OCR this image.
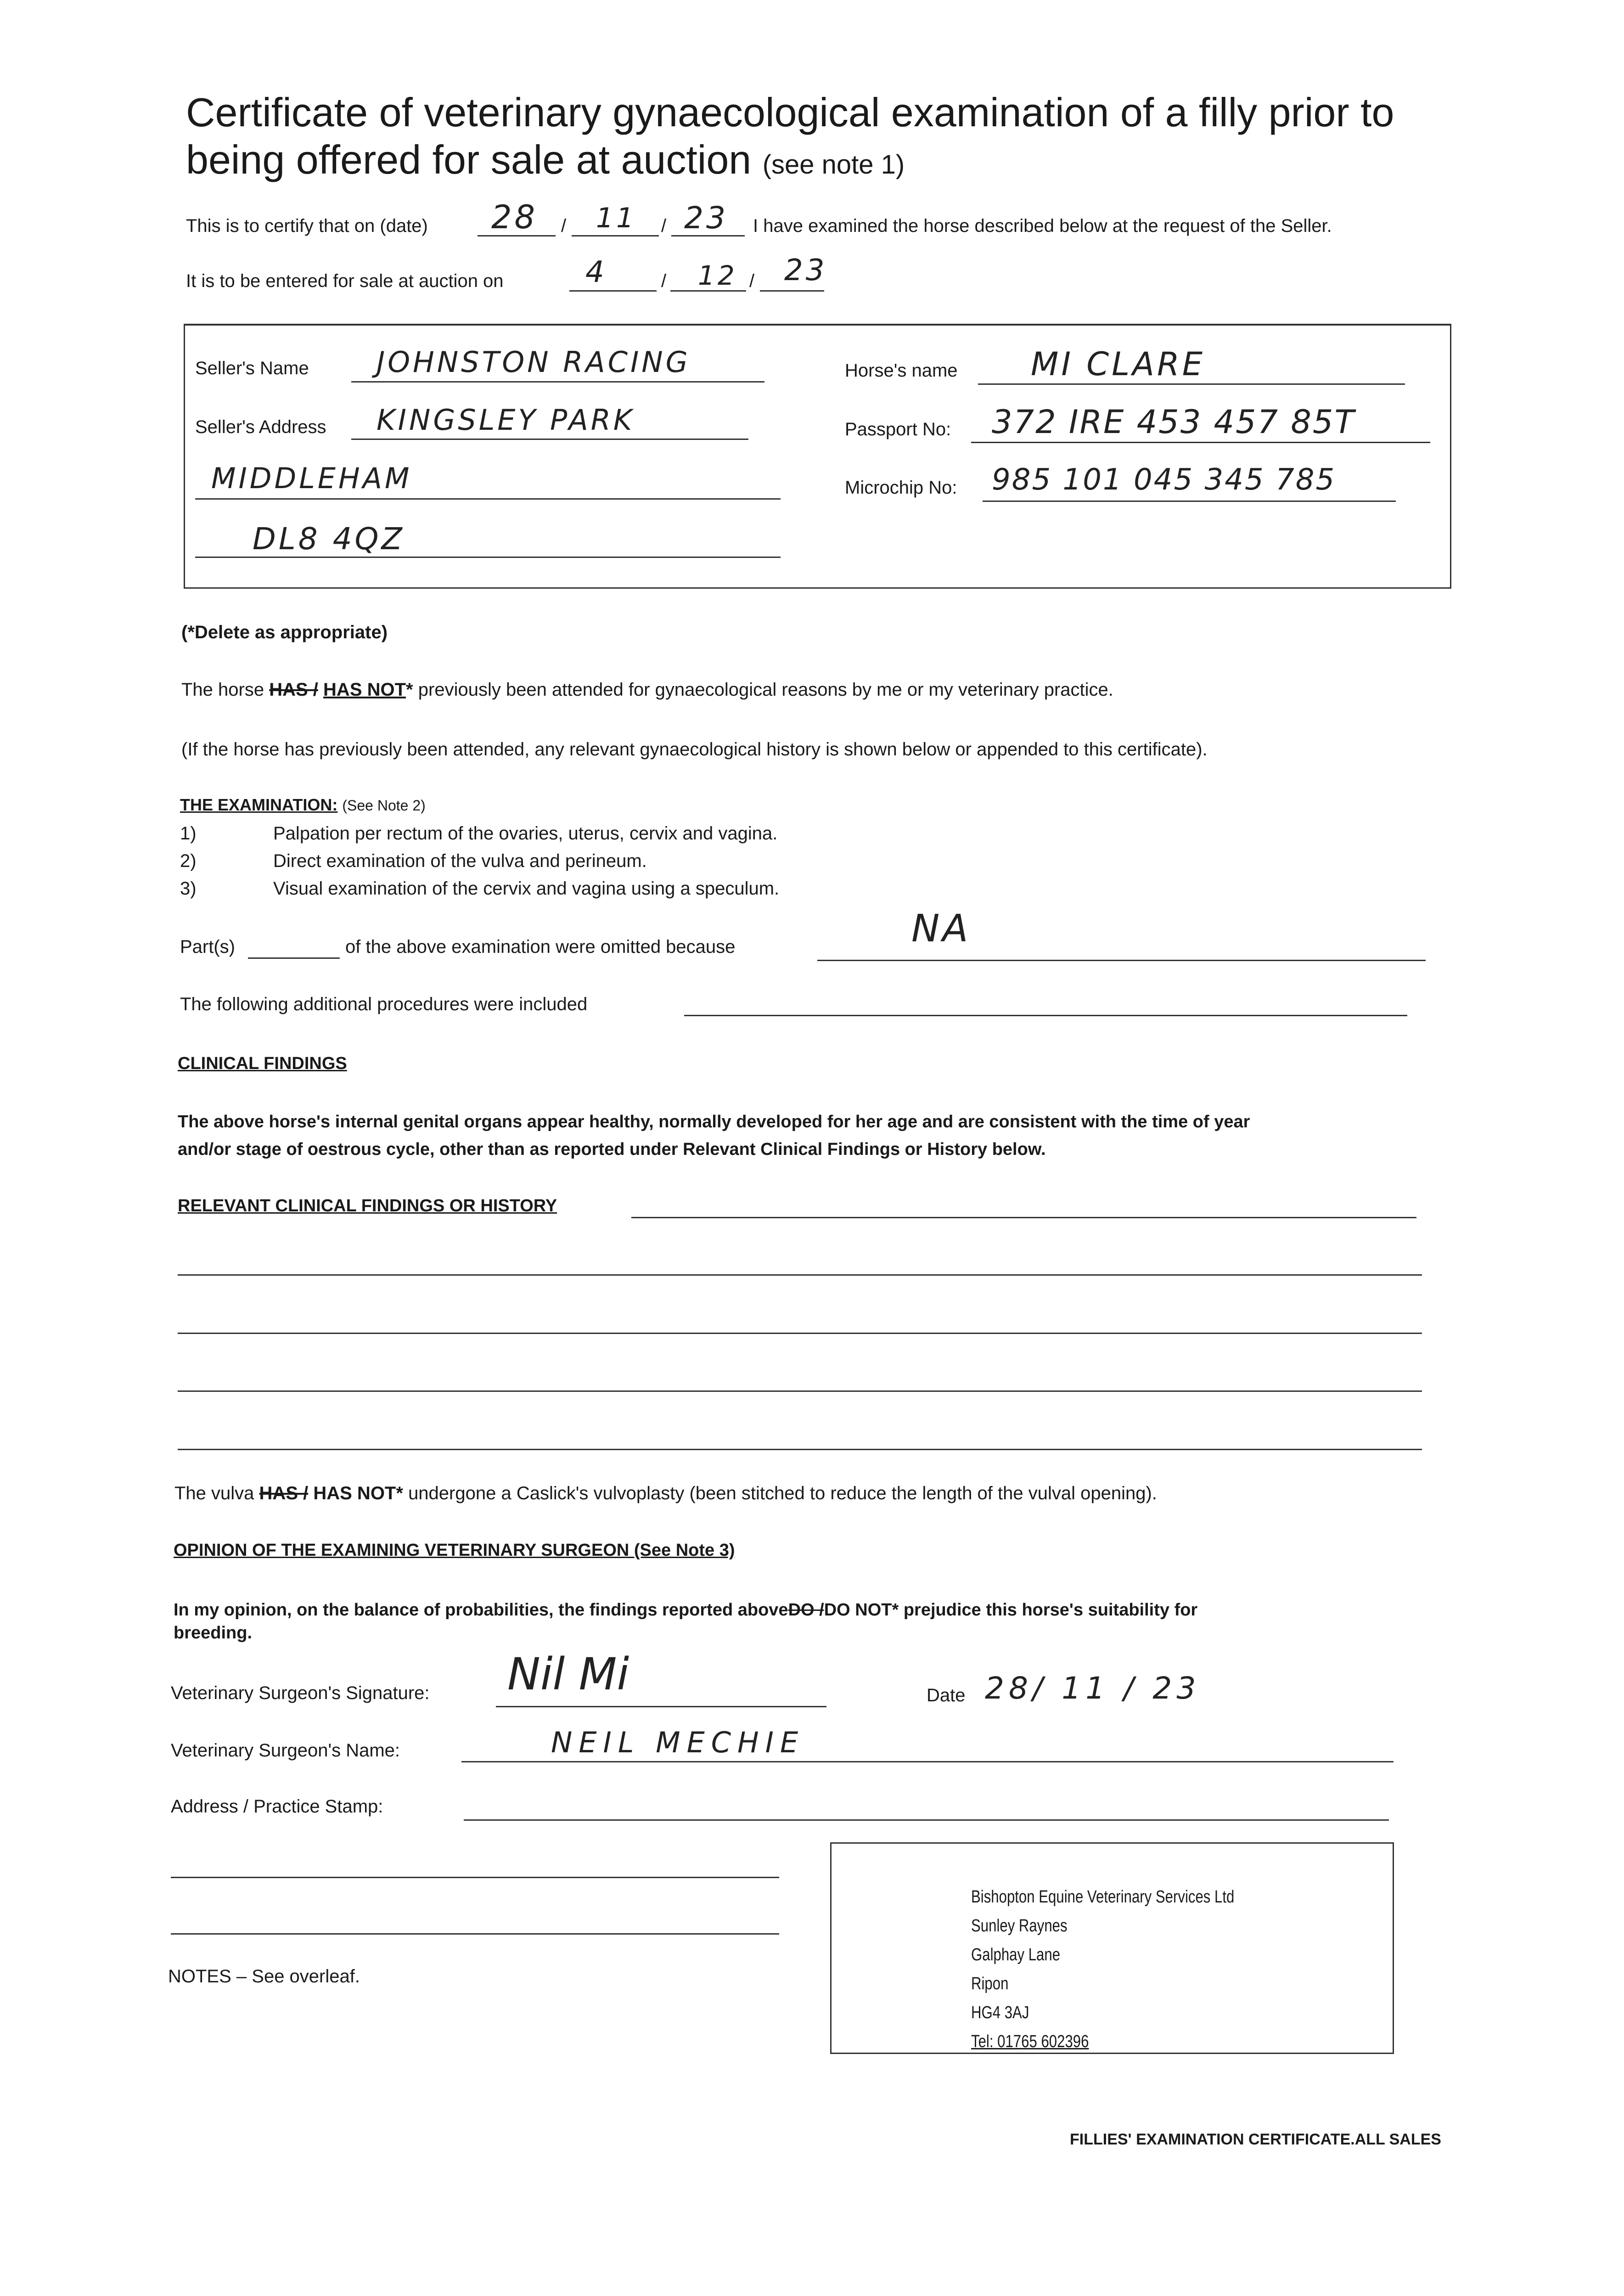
Certificate of veterinary gynaecological examination of a filly prior to
being offered for sale at auction (see note 1)
This is to certify that on (date) 28 / 11 / 23 I have examined the horse described below at the request of the Seller.
It is to be entered for sale at auction on	4	/ 12 / 23
Seller's Name JOHNSTON RACING
Seller's Address KINGSLEY PARK
MIDDLEHAM
DL8 4QZ
Horse's name MI CLARE
Passport No: 372 IRE 453 457 85T
Microchip No: 985 101 045 345 785
(*Delete as appropriate)
The horse HAS / HAS NOT* previously been attended for gynaecological reasons by me or my veterinary practice.
(If the horse has previously been attended, any relevant gynaecological history is shown below or appended to this certificate).
THE EXAMINATION: (See Note 2)
1)	Palpation per rectum of the ovaries, uterus, cervix and vagina.
2)	Direct examination of the vulva and perineum.
3)	Visual examination of the cervix and vagina using a speculum.
Part(s)	of the above examination were omitted because	NA
The following additional procedures were included
CLINICAL FINDINGS
The above horse's internal genital organs appear healthy, normally developed for her age and are consistent with the time of year
and/or stage of oestrous cycle, other than as reported under Relevant Clinical Findings or History below.
RELEVANT CLINICAL FINDINGS OR HISTORY
The vulva HAS / HAS NOT* undergone a Caslick's vulvoplasty (been stitched to reduce the length of the vulval opening).
OPINION OF THE EXAMINING VETERINARY SURGEON (See Note 3)
In my opinion, on the balance of probabilities, the findings reported aboveDO /DO NOT* prejudice this horse's suitability for
breeding.
Veterinary Surgeon's Signature: Nil Mi	Date 28/ 11 / 23
Veterinary Surgeon's Name:	NEIL MECHIE
Address / Practice Stamp:
Bishopton Equine Veterinary Services Ltd
Sunley Raynes
Galphay Lane
Ripon
HG4 3AJ
Tel: 01765 602396
NOTES – See overleaf.
FILLIES' EXAMINATION CERTIFICATE.ALL SALES
